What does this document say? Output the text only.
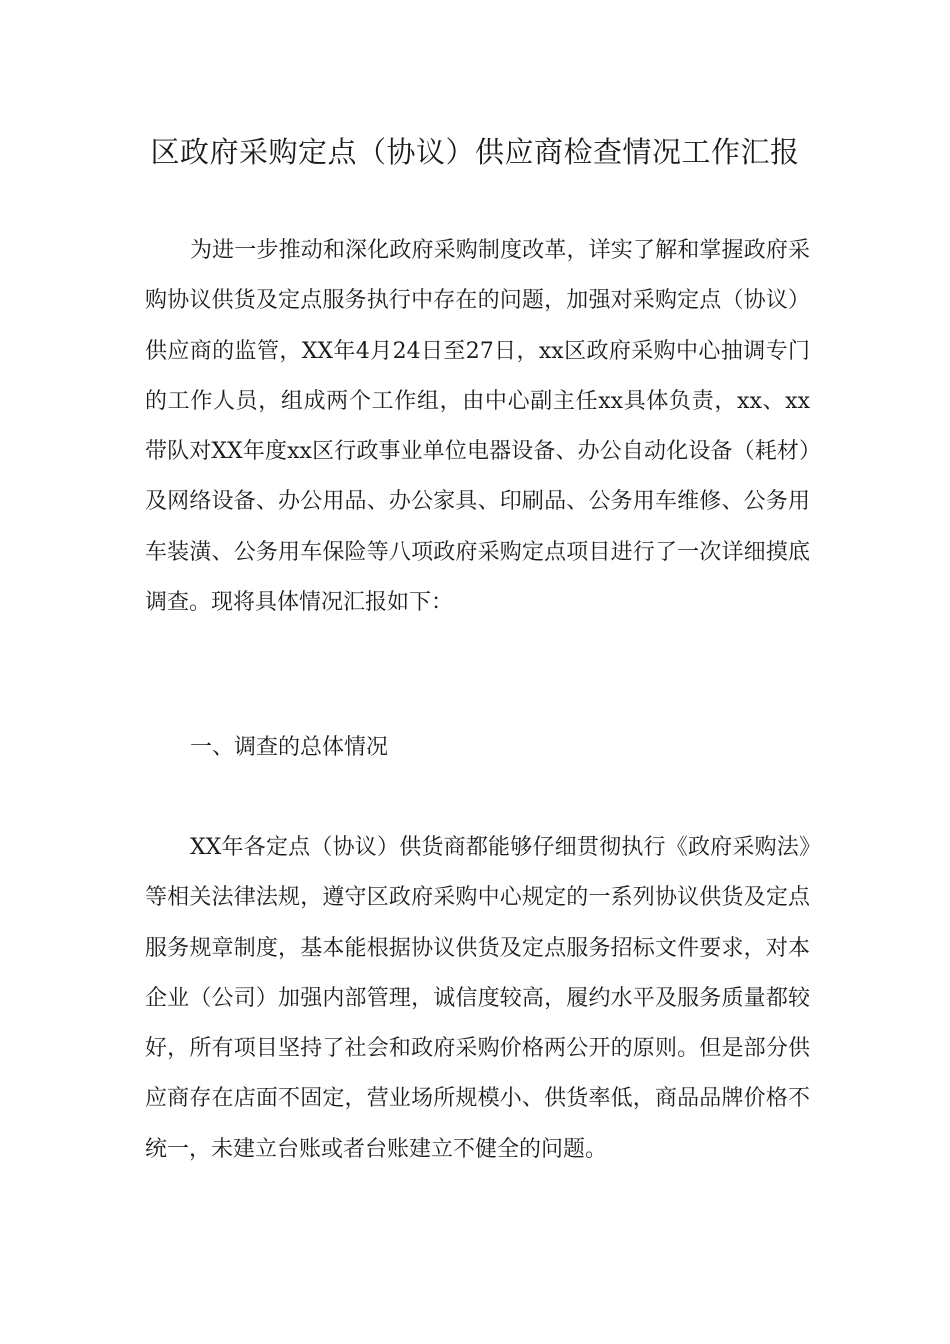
区政府采购定点（协议）供应商检查情况工作汇报

为进一步推动和深化政府采购制度改革，详实了解和掌握政府采购协议供货及定点服务执行中存在的问题，加强对采购定点（协议）供应商的监管，XX年4月24日至27日，xx区政府采购中心抽调专门的工作人员，组成两个工作组，由中心副主任xx具体负责，xx、xx带队对XX年度xx区行政事业单位电器设备、办公自动化设备（耗材）及网络设备、办公用品、办公家具、印刷品、公务用车维修、公务用车装潢、公务用车保险等八项政府采购定点项目进行了一次详细摸底调查。现将具体情况汇报如下：

一、调查的总体情况

XX年各定点（协议）供货商都能够仔细贯彻执行《政府采购法》等相关法律法规，遵守区政府采购中心规定的一系列协议供货及定点服务规章制度，基本能根据协议供货及定点服务招标文件要求，对本企业（公司）加强内部管理，诚信度较高，履约水平及服务质量都较好，所有项目坚持了社会和政府采购价格两公开的原则。但是部分供应商存在店面不固定，营业场所规模小、供货率低，商品品牌价格不统一，未建立台账或者台账建立不健全的问题。
